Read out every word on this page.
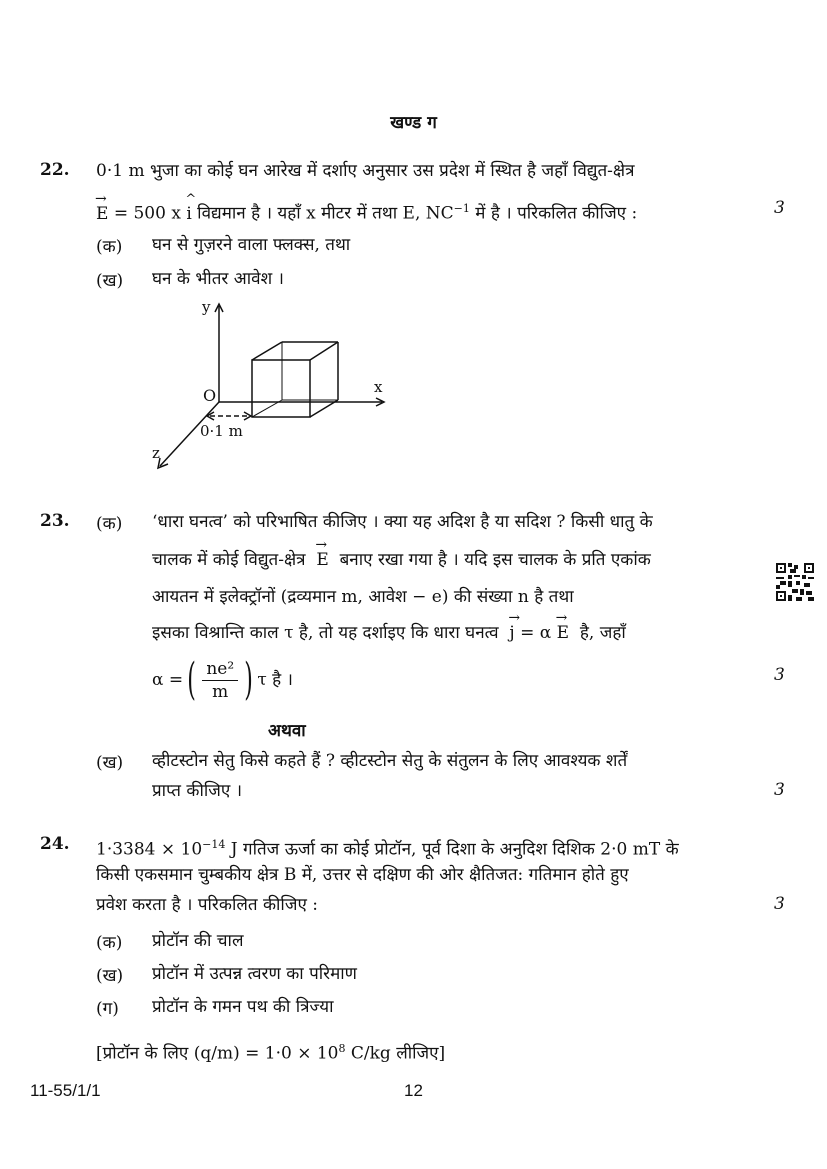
खण्ड ग
22. 0·1 m भुजा का कोई घन आरेख में दर्शाए अनुसार उस प्रदेश में स्थित है जहाँ विद्युत-क्षेत्र
→
E = 500 x
^
i विद्यमान है । यहाँ x मीटर में तथा E, $NC^{-1}$ में है । परिकलित कीजिए :	3
(क) घन से गुज़रने वाला फ्लक्स, तथा
(ख) घन के भीतर आवेश ।
y
x
z
O
0·1 m
23. (क) ‘धारा घनत्व’ को परिभाषित कीजिए । क्या यह अदिश है या सदिश ? किसी धातु के
चालक में कोई विद्युत-क्षेत्र
→
E बनाए रखा गया है । यदि इस चालक के प्रति एकांक
आयतन में इलेक्ट्रॉनों (द्रव्यमान m, आवेश − e) की संख्या n है तथा
इसका विश्रान्ति काल τ है, तो यह दर्शाइए कि धारा घनत्व
→
j = α
→
E है, जहाँ
α = ( $\frac{\text{ne²}}{m}$ ) τ है ।	3
अथवा
(ख) व्हीटस्टोन सेतु किसे कहते हैं ? व्हीटस्टोन सेतु के संतुलन के लिए आवश्यक शर्तें
प्राप्त कीजिए ।	3
24. $1\cdot 3384 \times 10^{-14}$ J गतिज ऊर्जा का कोई प्रोटॉन, पूर्व दिशा के अनुदिश दिशिक 2·0 mT के
किसी एकसमान चुम्बकीय क्षेत्र B में, उत्तर से दक्षिण की ओर क्षैतिजत: गतिमान होते हुए
प्रवेश करता है । परिकलित कीजिए :	3
(क) प्रोटॉन की चाल
(ख) प्रोटॉन में उत्पन्न त्वरण का परिमाण
(ग) प्रोटॉन के गमन पथ की त्रिज्या
[प्रोटॉन के लिए $(q/m) = 1\cdot 0 \times 10^8$ C/kg लीजिए]
11-55/1/1	12
